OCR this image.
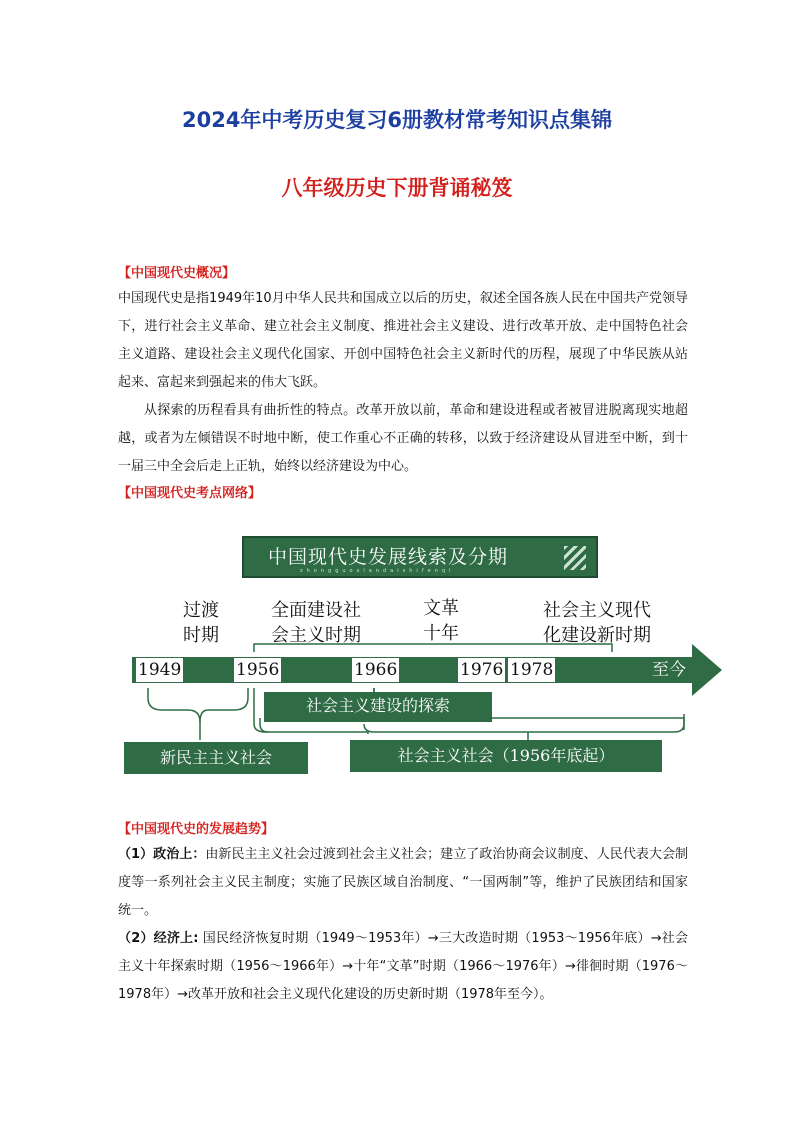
2024年中考历史复习6册教材常考知识点集锦
八年级历史下册背诵秘笈
【中国现代史概况】
中国现代史是指1949年10月中华人民共和国成立以后的历史，叙述全国各族人民在中国共产党领导下，进行社会主义革命、建立社会主义制度、推进社会主义建设、进行改革开放、走中国特色社会主义道路、建设社会主义现代化国家、开创中国特色社会主义新时代的历程，展现了中华民族从站起来、富起来到强起来的伟大飞跃。
从探索的历程看具有曲折性的特点。改革开放以前，革命和建设进程或者被冒进脱离现实地超越，或者为左倾错误不时地中断，使工作重心不正确的转移，以致于经济建设从冒进至中断，到十一届三中全会后走上正轨，始终以经济建设为中心。
【中国现代史考点网络】
中国现代史发展线索及分期
zhongguoxiandaishifenqi
过渡
时期
全面建设社
会主义时期
文革
十年
社会主义现代
化建设新时期
1949	1956	1966	1976 1978	至今
社会主义建设的探索
新民主主义社会	社会主义社会（1956年底起）
【中国现代史的发展趋势】
（1）政治上：由新民主主义社会过渡到社会主义社会；建立了政治协商会议制度、人民代表大会制度等一系列社会主义民主制度；实施了民族区域自治制度、“一国两制”等，维护了民族团结和国家统一。
（2）经济上: 国民经济恢复时期（1949～1953年）→三大改造时期（1953～1956年底）→社会主义十年探索时期（1956～1966年）→十年“文革”时期（1966～1976年）→徘徊时期（1976～1978年）→改革开放和社会主义现代化建设的历史新时期（1978年至今）。
